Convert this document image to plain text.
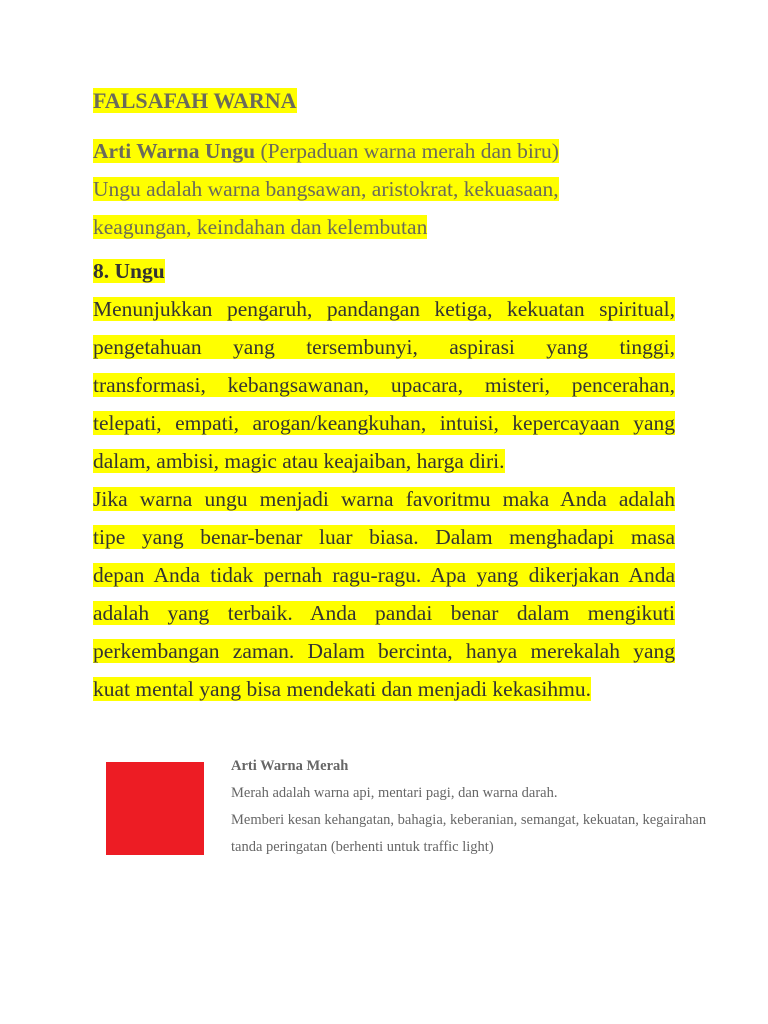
FALSAFAH WARNA
Arti Warna Ungu (Perpaduan warna merah dan biru)
Ungu adalah warna bangsawan, aristokrat, kekuasaan,
keagungan, keindahan dan kelembutan
8. Ungu
Menunjukkan pengaruh, pandangan ketiga, kekuatan spiritual,
pengetahuan yang tersembunyi, aspirasi yang tinggi,
transformasi, kebangsawanan, upacara, misteri, pencerahan,
telepati, empati, arogan/keangkuhan, intuisi, kepercayaan yang
dalam, ambisi, magic atau keajaiban, harga diri.
Jika warna ungu menjadi warna favoritmu maka Anda adalah
tipe yang benar-benar luar biasa. Dalam menghadapi masa
depan Anda tidak pernah ragu-ragu. Apa yang dikerjakan Anda
adalah yang terbaik. Anda pandai benar dalam mengikuti
perkembangan zaman. Dalam bercinta, hanya merekalah yang
kuat mental yang bisa mendekati dan menjadi kekasihmu.
Arti Warna Merah
Merah adalah warna api, mentari pagi, dan warna darah.
Memberi kesan kehangatan, bahagia, keberanian, semangat, kekuatan, kegairahan
tanda peringatan (berhenti untuk traffic light)
